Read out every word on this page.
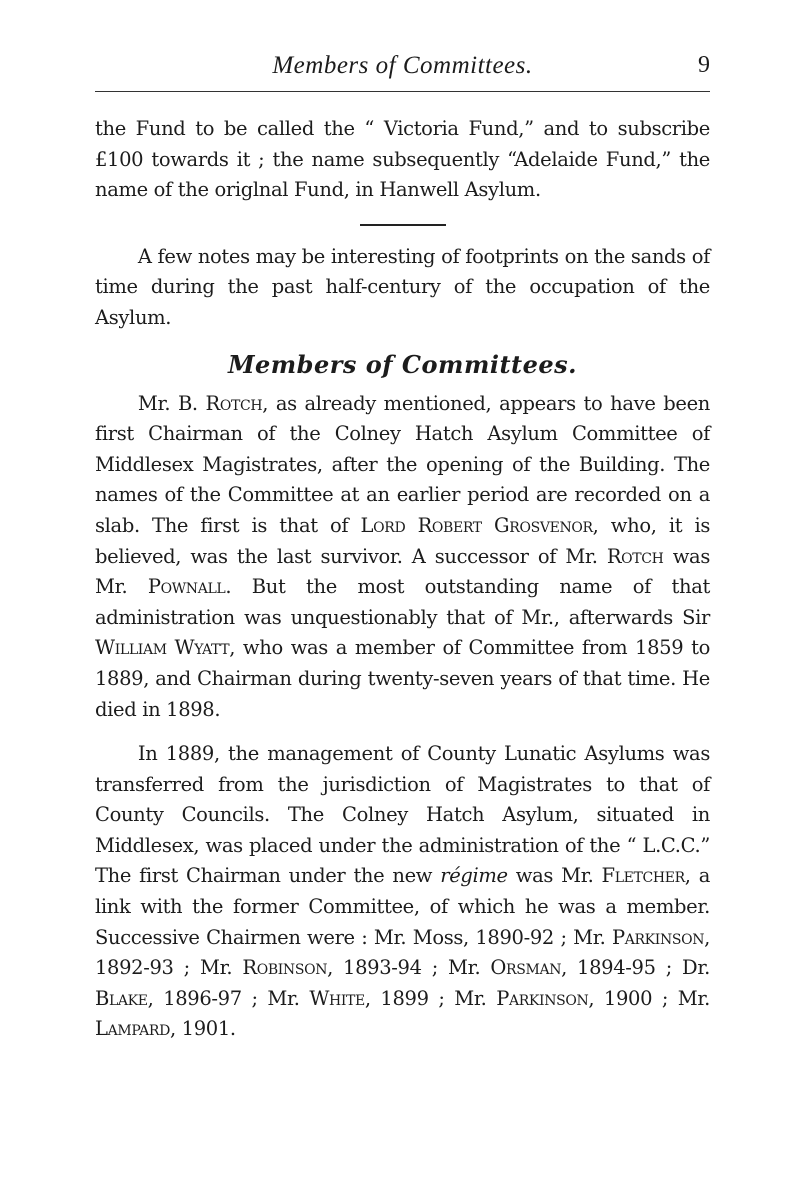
Members of Committees.	9

the Fund to be called the “ Victoria Fund,” and to subscribe £100 towards it ; the name subsequently “Adelaide Fund,” the name of the origlnal Fund, in Hanwell Asylum.

A few notes may be interesting of footprints on the sands of time during the past half-century of the occupation of the Asylum.

Members of Committees.

Mr. B. Rotch, as already mentioned, appears to have been first Chairman of the Colney Hatch Asylum Committee of Middlesex Magistrates, after the opening of the Building. The names of the Committee at an earlier period are recorded on a slab. The first is that of Lord Robert Grosvenor, who, it is believed, was the last survivor. A successor of Mr. Rotch was Mr. Pownall. But the most outstanding name of that administration was unquestionably that of Mr., afterwards Sir William Wyatt, who was a member of Committee from 1859 to 1889, and Chairman during twenty-seven years of that time. He died in 1898.

In 1889, the management of County Lunatic Asylums was transferred from the jurisdiction of Magistrates to that of County Councils. The Colney Hatch Asylum, situated in Middlesex, was placed under the administration of the “ L.C.C.” The first Chairman under the new régime was Mr. Fletcher, a link with the former Committee, of which he was a member. Successive Chairmen were : Mr. Moss, 1890-92 ; Mr. Parkinson, 1892-93 ; Mr. Robinson, 1893-94 ; Mr. Orsman, 1894-95 ; Dr. Blake, 1896-97 ; Mr. White, 1899 ; Mr. Parkinson, 1900 ; Mr. Lampard, 1901.
